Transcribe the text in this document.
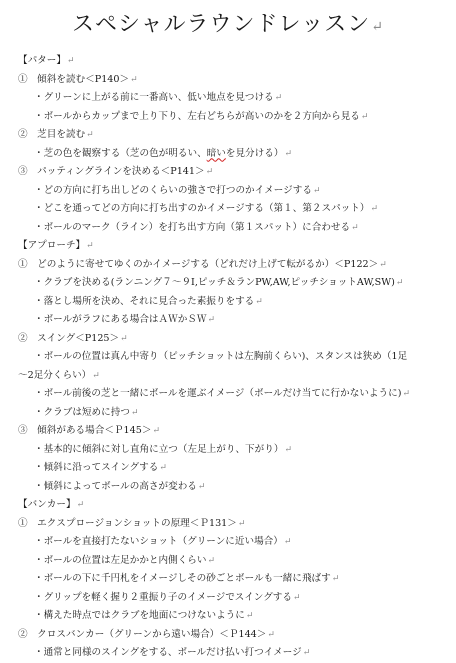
スペシャルラウンドレッスン↵
【パター】↵
①　傾斜を読む＜P140＞↵
・グリーンに上がる前に一番高い、低い地点を見つける↵
・ボールからカップまで上り下り、左右どちらが高いのかを２方向から見る↵
②　芝目を読む↵
・芝の色を観察する（芝の色が明るい、暗いを見分ける）↵
③　パッティングラインを決める＜P141＞↵
・どの方向に打ち出しどのくらいの強さで打つのかイメージする↵
・どこを通ってどの方向に打ち出すのかイメージする（第１、第２スパット）↵
・ボールのマーク（ライン）を打ち出す方向（第１スパット）に合わせる↵
【アプローチ】↵
①　どのように寄せてゆくのかイメージする（どれだけ上げて転がるか）＜P122＞↵
・クラブを決める(ランニング７～９I,ピッチ＆ランPW,AW,ピッチショットAW,SW)↵
・落とし場所を決め、それに見合った素振りをする↵
・ボールがラフにある場合はＡＷかＳＷ↵
②　スイング＜P125＞↵
・ボールの位置は真ん中寄り（ピッチショットは左胸前くらい)、スタンスは狭め（1足
～2足分くらい）↵
・ボール前後の芝と一緒にボールを運ぶイメージ（ボールだけ当てに行かないように)↵
・クラブは短めに持つ↵
③　傾斜がある場合＜Ｐ145＞↵
・基本的に傾斜に対し直角に立つ（左足上がり、下がり）↵
・傾斜に沿ってスイングする↵
・傾斜によってボールの高さが変わる↵
【バンカー】↵
①　エクスプロージョンショットの原理＜Ｐ131＞↵
・ボールを直接打たないショット（グリーンに近い場合）↵
・ボールの位置は左足かかと内側くらい↵
・ボールの下に千円札をイメージしその砂ごとボールも一緒に飛ばす↵
・グリップを軽く握り２重振り子のイメージでスイングする↵
・構えた時点ではクラブを地面につけないように↵
②　クロスバンカー（グリーンから遠い場合）＜Ｐ144＞↵
・通常と同様のスイングをする、ボールだけ払い打つイメージ↵
